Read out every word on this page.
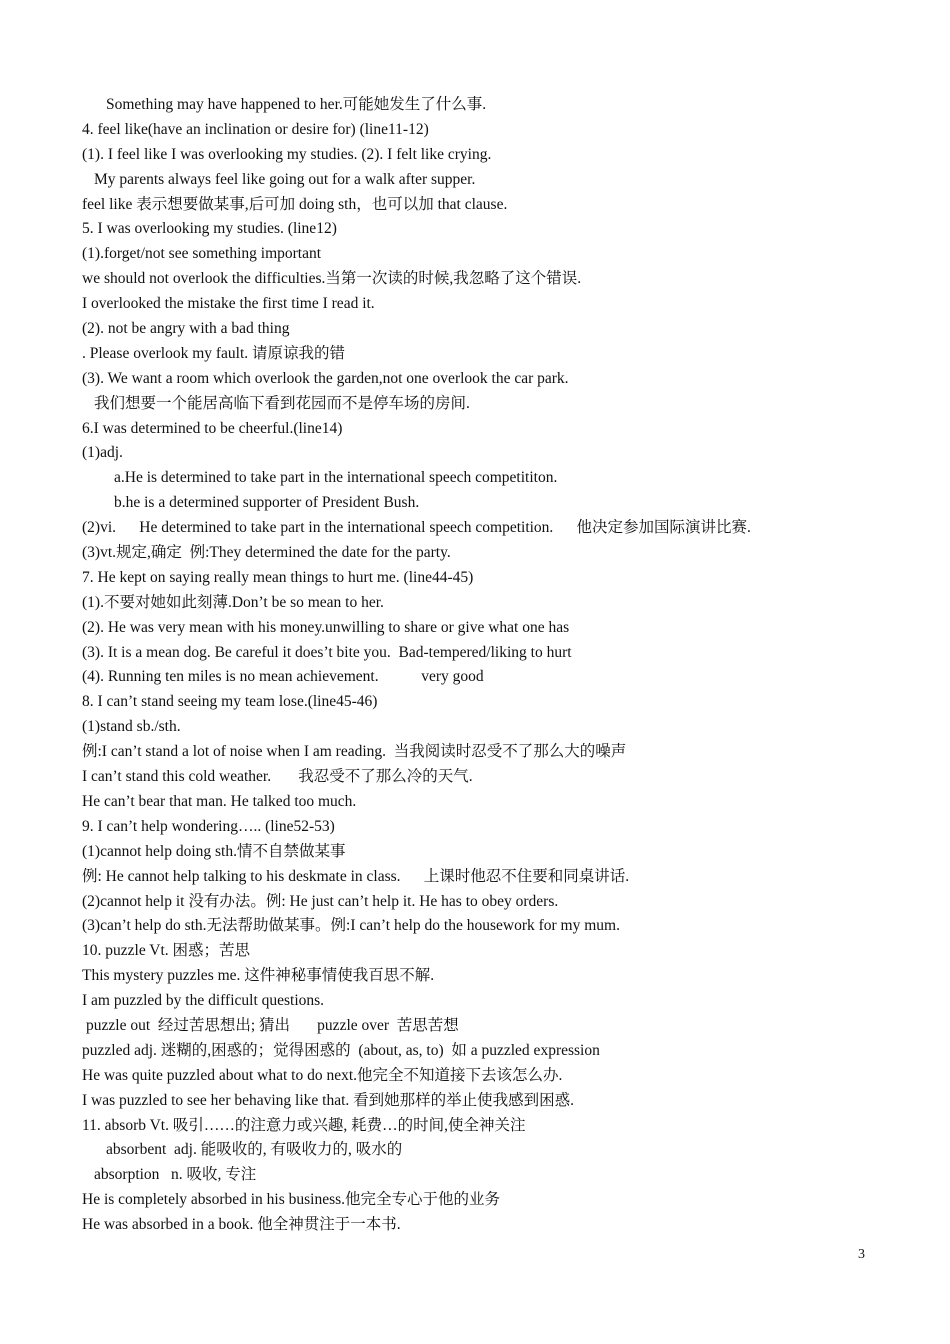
Something may have happened to her.可能她发生了什么事.
4. feel like(have an inclination or desire for) (line11-12)
(1). I feel like I was overlooking my studies. (2). I felt like crying.
My parents always feel like going out for a walk after supper.
feel like 表示想要做某事,后可加 doing sth，也可以加 that clause.
5. I was overlooking my studies. (line12)
(1).forget/not see something important
we should not overlook the difficulties.当第一次读的时候,我忽略了这个错误.
I overlooked the mistake the first time I read it.
(2). not be angry with a bad thing
. Please overlook my fault. 请原谅我的错
(3). We want a room which overlook the garden,not one overlook the car park.
我们想要一个能居高临下看到花园而不是停车场的房间.
6.I was determined to be cheerful.(line14)
(1)adj.
a.He is determined to take part in the international speech competititon.
b.he is a determined supporter of President Bush.
(2)vi.      He determined to take part in the international speech competition.      他决定参加国际演讲比赛.
(3)vt.规定,确定  例:They determined the date for the party.
7. He kept on saying really mean things to hurt me. (line44-45)
(1).不要对她如此刻薄.Don’t be so mean to her.
(2). He was very mean with his money.unwilling to share or give what one has
(3). It is a mean dog. Be careful it does’t bite you.  Bad-tempered/liking to hurt
(4). Running ten miles is no mean achievement.           very good
8. I can’t stand seeing my team lose.(line45-46)
(1)stand sb./sth.
例:I can’t stand a lot of noise when I am reading.  当我阅读时忍受不了那么大的噪声
I can’t stand this cold weather.       我忍受不了那么冷的天气.
He can’t bear that man. He talked too much.
9. I can’t help wondering….. (line52-53)
(1)cannot help doing sth.情不自禁做某事
例: He cannot help talking to his deskmate in class.      上课时他忍不住要和同桌讲话.
(2)cannot help it 没有办法。例: He just can’t help it. He has to obey orders.
(3)can’t help do sth.无法帮助做某事。例:I can’t help do the housework for my mum.
10. puzzle Vt. 困惑；苦思
This mystery puzzles me. 这件神秘事情使我百思不解.
I am puzzled by the difficult questions.
puzzle out  经过苦思想出; 猜出       puzzle over  苦思苦想
puzzled adj. 迷糊的,困惑的；觉得困惑的  (about, as, to)  如 a puzzled expression
He was quite puzzled about what to do next.他完全不知道接下去该怎么办.
I was puzzled to see her behaving like that. 看到她那样的举止使我感到困惑.
11. absorb Vt. 吸引……的注意力或兴趣, 耗费…的时间,使全神关注
absorbent  adj. 能吸收的, 有吸收力的, 吸水的
absorption   n. 吸收, 专注
He is completely absorbed in his business.他完全专心于他的业务
He was absorbed in a book. 他全神贯注于一本书.
3
